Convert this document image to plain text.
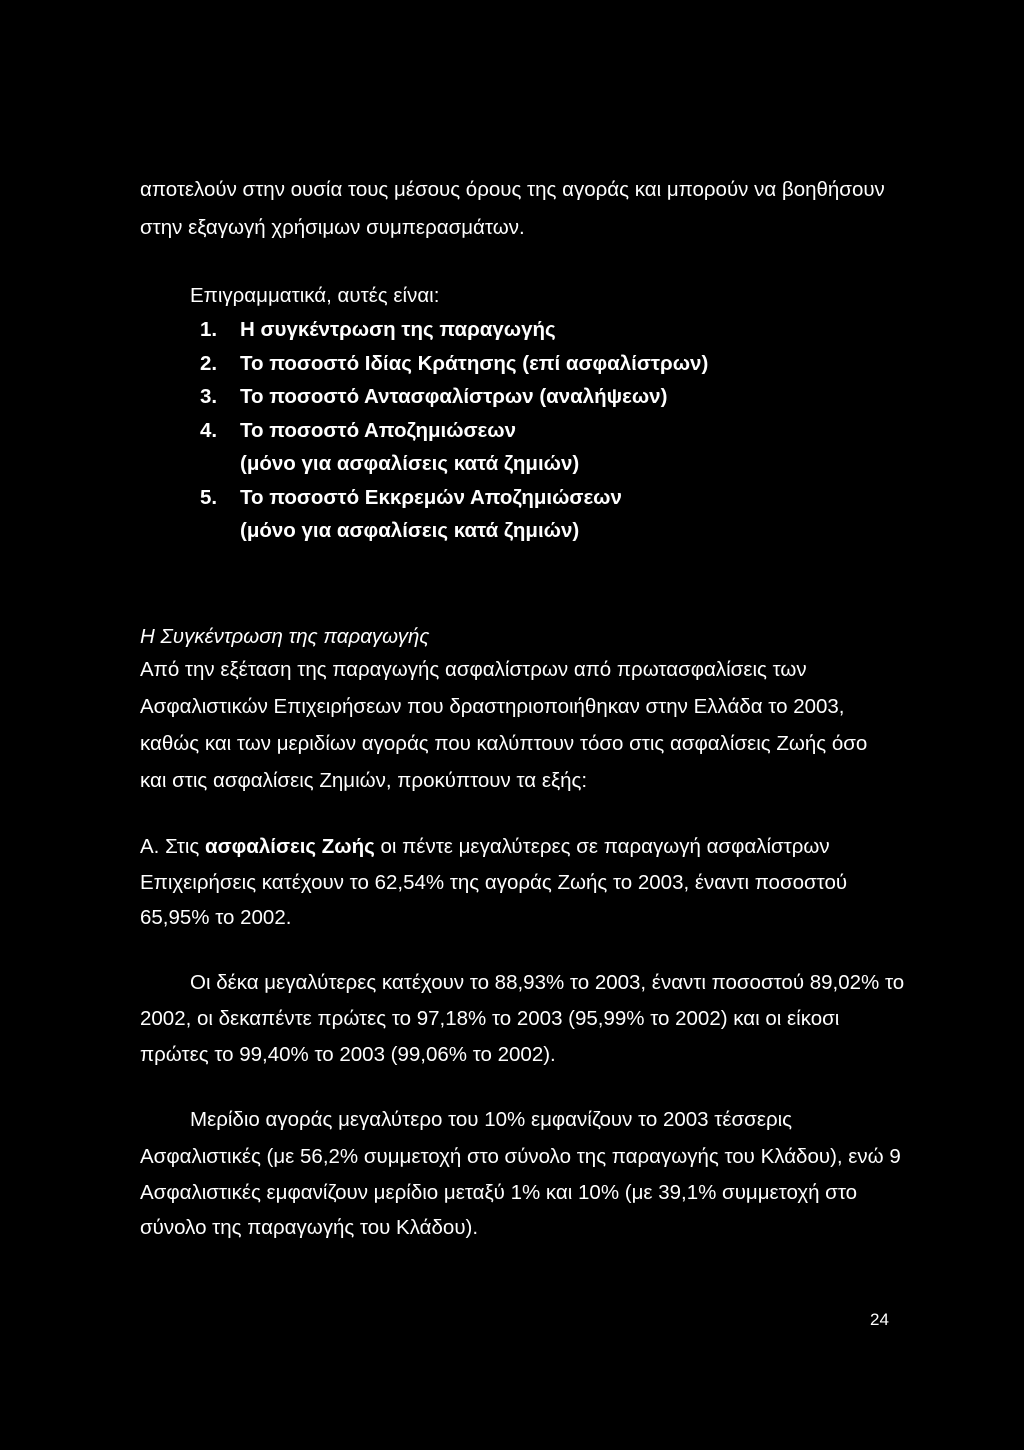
αποτελούν στην ουσία τους μέσους όρους της αγοράς και μπορούν να βοηθήσουν
στην εξαγωγή χρήσιμων συμπερασμάτων.
Επιγραμματικά, αυτές είναι:
1. Η συγκέντρωση της παραγωγής
2. Το ποσοστό Ιδίας Κράτησης (επί ασφαλίστρων)
3. Το ποσοστό Αντασφαλίστρων (αναλήψεων)
4. Το ποσοστό Αποζημιώσεων
(μόνο για ασφαλίσεις κατά ζημιών)
5. Το ποσοστό Εκκρεμών Αποζημιώσεων
(μόνο για ασφαλίσεις κατά ζημιών)
Η Συγκέντρωση της παραγωγής
Από την εξέταση της παραγωγής ασφαλίστρων από πρωτασφαλίσεις των
Ασφαλιστικών Επιχειρήσεων που δραστηριοποιήθηκαν στην Ελλάδα το 2003,
καθώς και των μεριδίων αγοράς που καλύπτουν τόσο στις ασφαλίσεις Ζωής όσο
και στις ασφαλίσεις Ζημιών, προκύπτουν τα εξής:
Α. Στις ασφαλίσεις Ζωής οι πέντε μεγαλύτερες σε παραγωγή ασφαλίστρων
Επιχειρήσεις κατέχουν το 62,54% της αγοράς Ζωής το 2003, έναντι ποσοστού
65,95% το 2002.
Οι δέκα μεγαλύτερες κατέχουν το 88,93% το 2003, έναντι ποσοστού 89,02% το
2002, οι δεκαπέντε πρώτες το 97,18% το 2003 (95,99% το 2002) και οι είκοσι
πρώτες το 99,40% το 2003 (99,06% το 2002).
Μερίδιο αγοράς μεγαλύτερο του 10% εμφανίζουν το 2003 τέσσερις
Ασφαλιστικές (με 56,2% συμμετοχή στο σύνολο της παραγωγής του Κλάδου), ενώ 9
Ασφαλιστικές εμφανίζουν μερίδιο μεταξύ 1% και 10% (με 39,1% συμμετοχή στο
σύνολο της παραγωγής του Κλάδου).
24
